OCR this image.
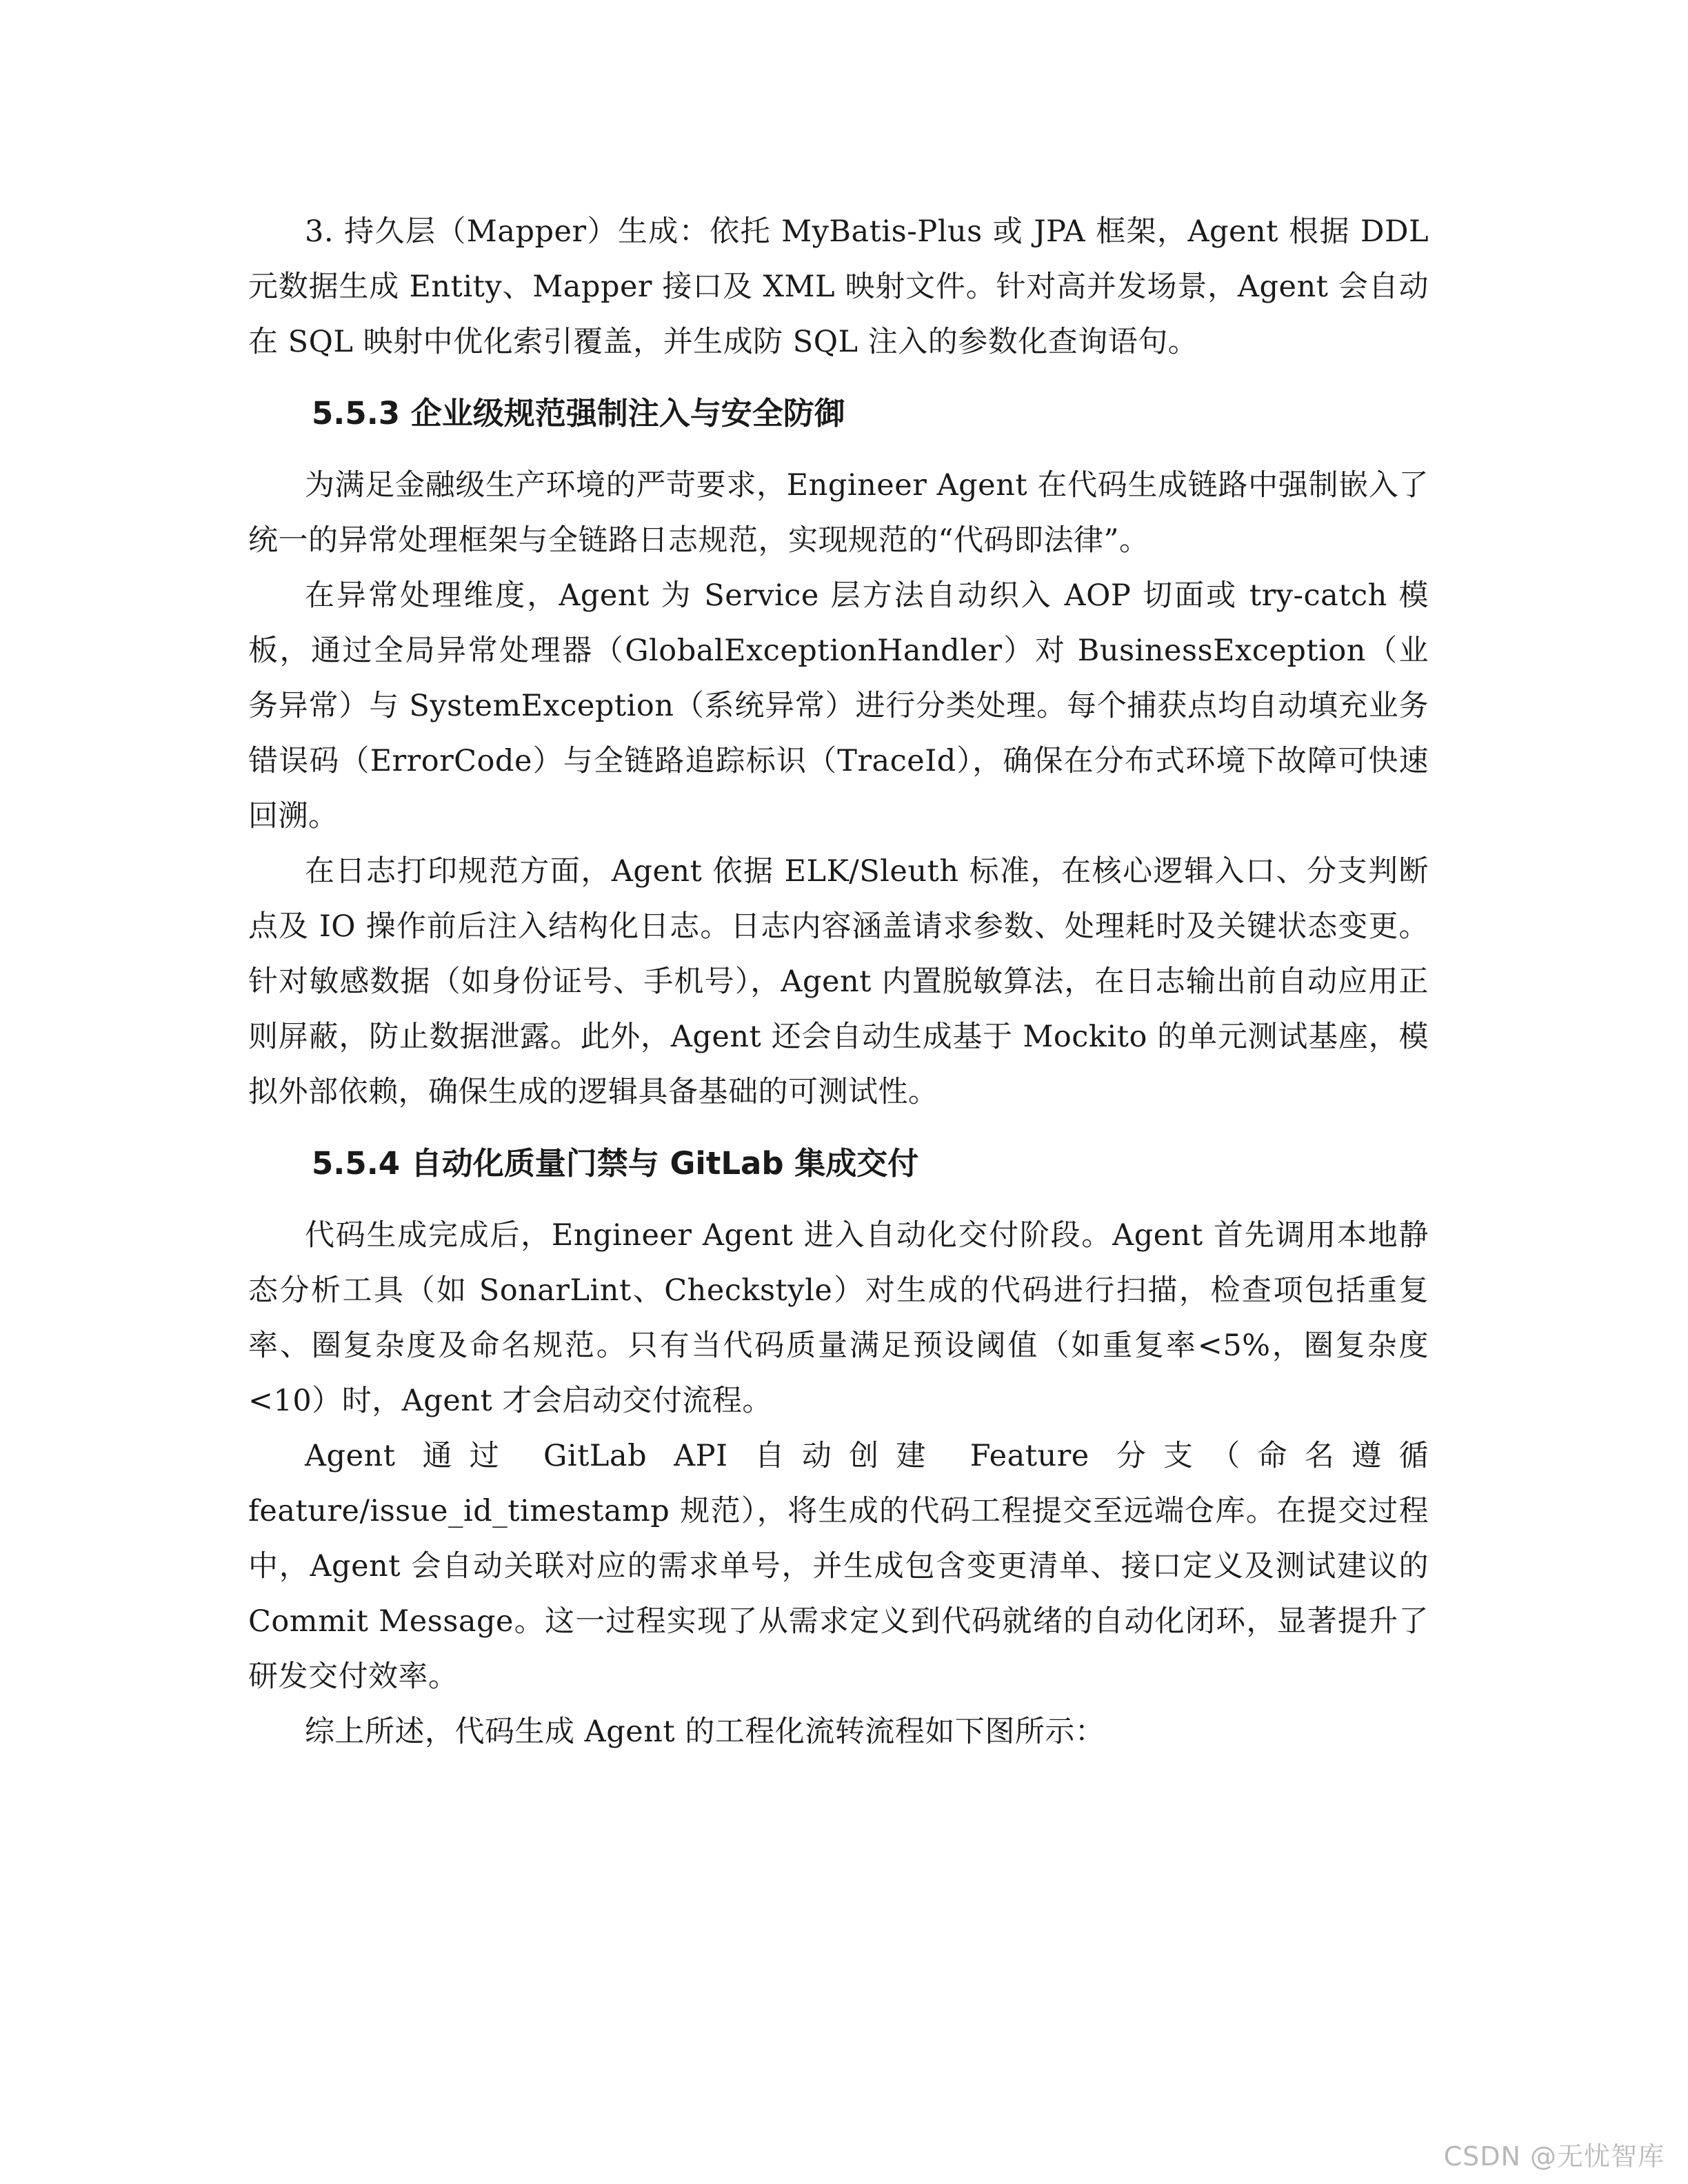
3. 持久层（Mapper）生成：依托 MyBatis-Plus 或 JPA 框架，Agent 根据 DDL 元数据生成 Entity、Mapper 接口及 XML 映射文件。针对高并发场景，Agent 会自动在 SQL 映射中优化索引覆盖，并生成防 SQL 注入的参数化查询语句。

5.5.3 企业级规范强制注入与安全防御

为满足金融级生产环境的严苛要求，Engineer Agent 在代码生成链路中强制嵌入了统一的异常处理框架与全链路日志规范，实现规范的“代码即法律”。

在异常处理维度，Agent 为 Service 层方法自动织入 AOP 切面或 try-catch 模板，通过全局异常处理器（GlobalExceptionHandler）对 BusinessException（业务异常）与 SystemException（系统异常）进行分类处理。每个捕获点均自动填充业务错误码（ErrorCode）与全链路追踪标识（TraceId），确保在分布式环境下故障可快速回溯。

在日志打印规范方面，Agent 依据 ELK/Sleuth 标准，在核心逻辑入口、分支判断点及 IO 操作前后注入结构化日志。日志内容涵盖请求参数、处理耗时及关键状态变更。针对敏感数据（如身份证号、手机号），Agent 内置脱敏算法，在日志输出前自动应用正则屏蔽，防止数据泄露。此外，Agent 还会自动生成基于 Mockito 的单元测试基座，模拟外部依赖，确保生成的逻辑具备基础的可测试性。

5.5.4 自动化质量门禁与 GitLab 集成交付

代码生成完成后，Engineer Agent 进入自动化交付阶段。Agent 首先调用本地静态分析工具（如 SonarLint、Checkstyle）对生成的代码进行扫描，检查项包括重复率、圈复杂度及命名规范。只有当代码质量满足预设阈值（如重复率<5%，圈复杂度<10）时，Agent 才会启动交付流程。

Agent 通过 GitLab API 自动创建 Feature 分支（命名遵循 feature/issue_id_timestamp 规范），将生成的代码工程提交至远端仓库。在提交过程中，Agent 会自动关联对应的需求单号，并生成包含变更清单、接口定义及测试建议的 Commit Message。这一过程实现了从需求定义到代码就绪的自动化闭环，显著提升了研发交付效率。

综上所述，代码生成 Agent 的工程化流转流程如下图所示：

CSDN @无忧智库
